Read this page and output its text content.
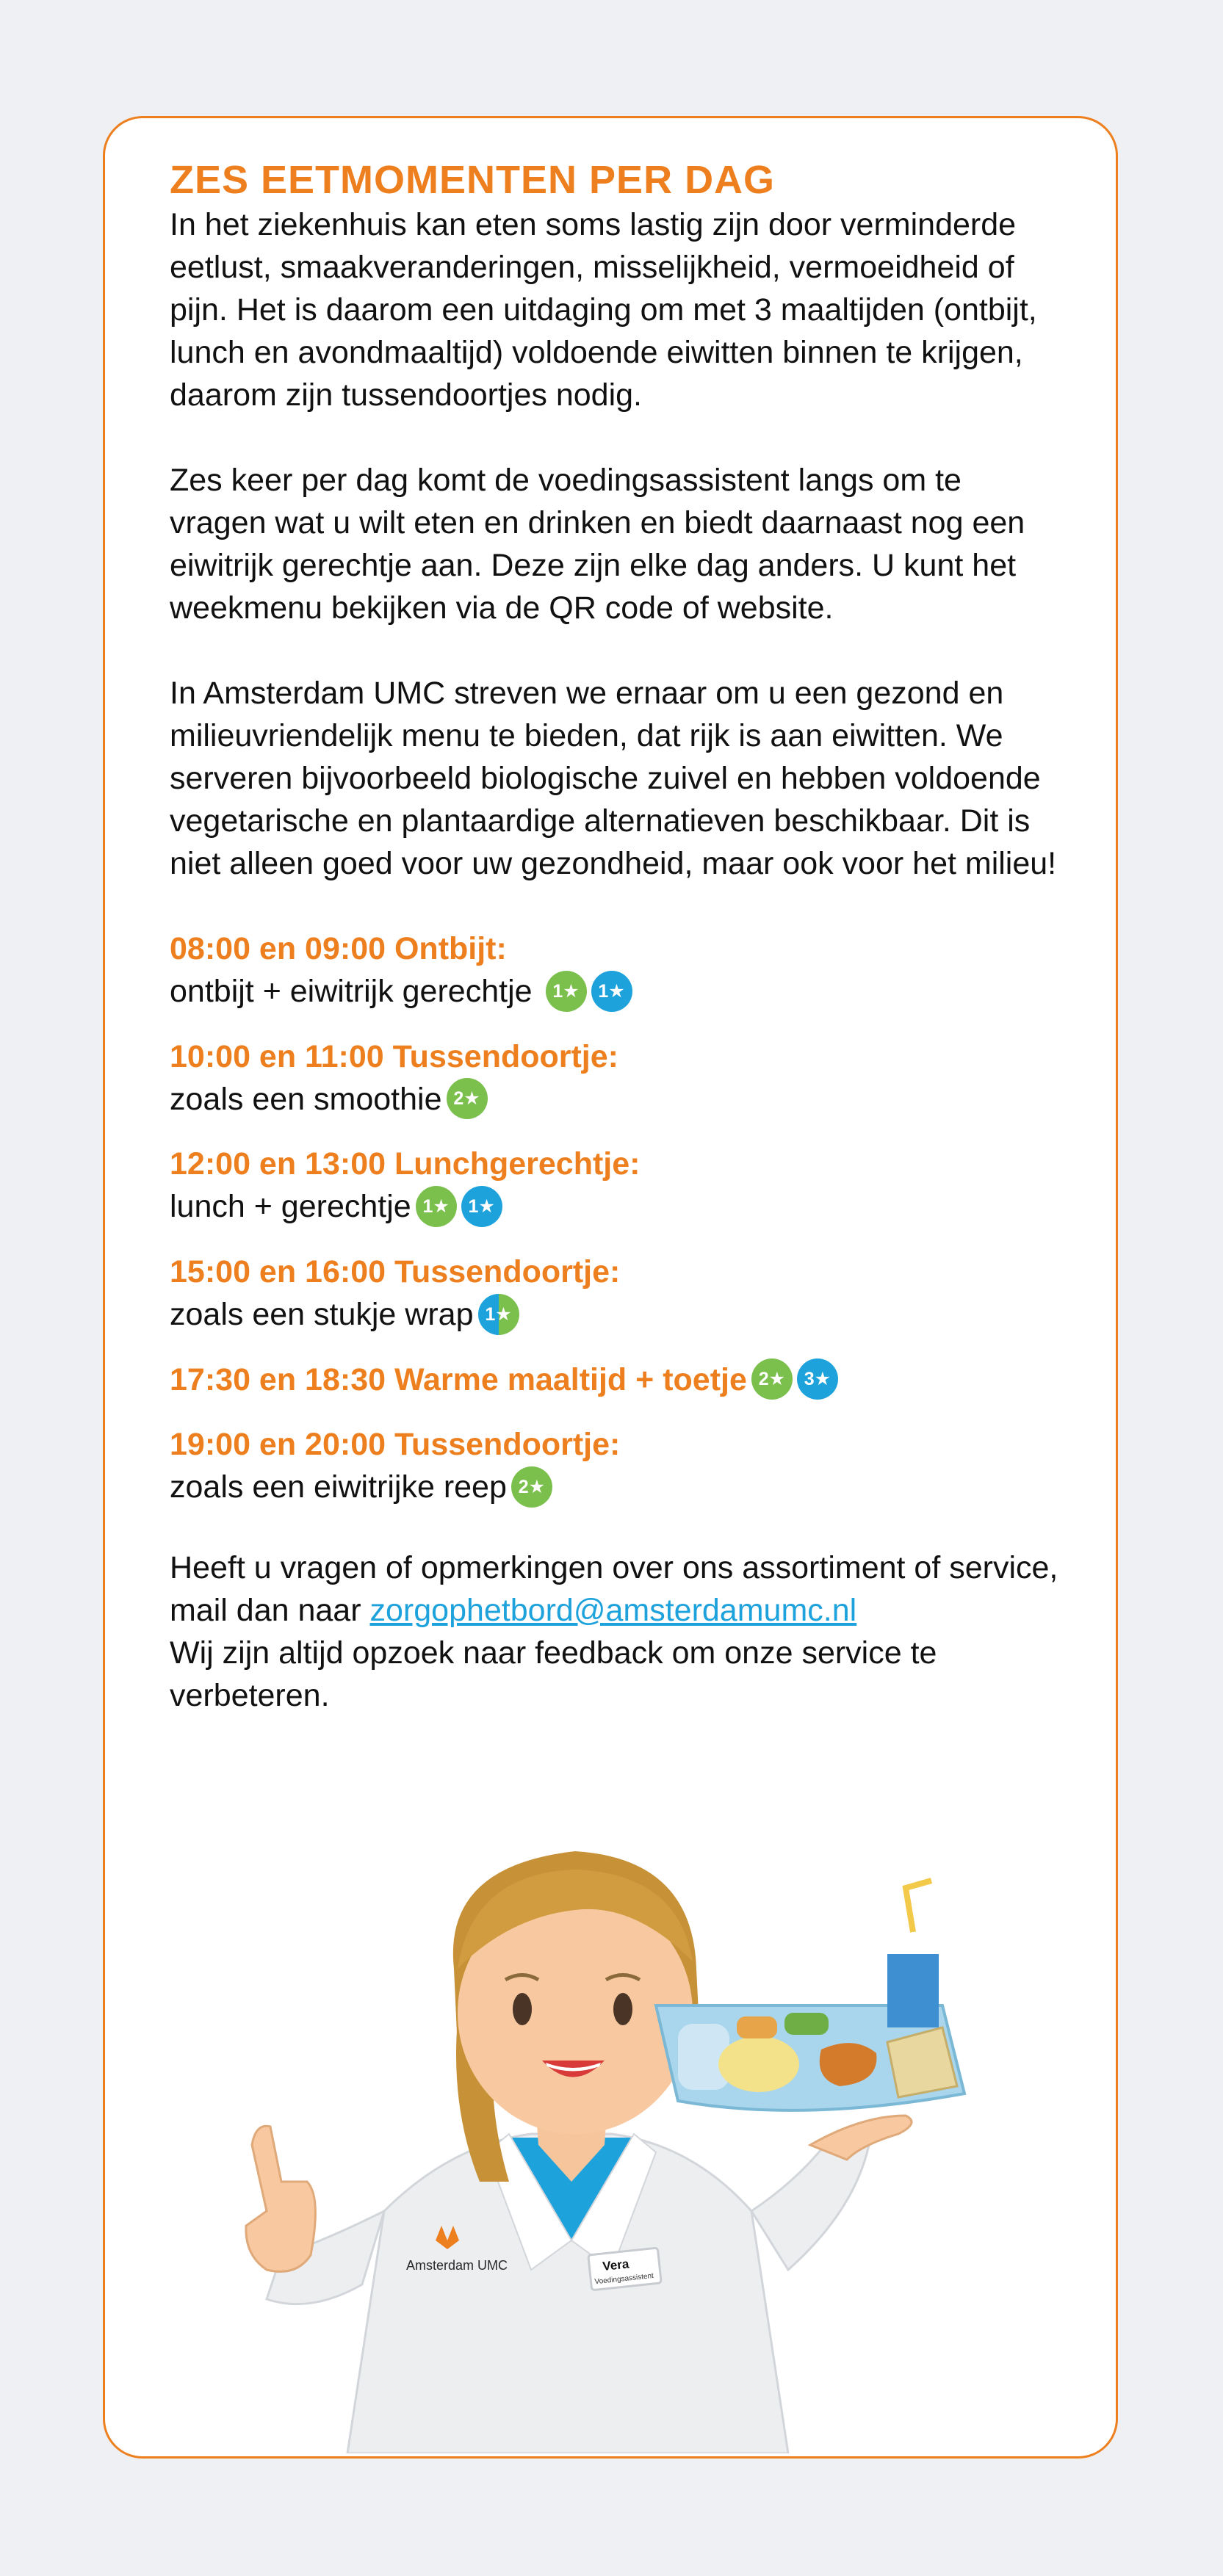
ZES EETMOMENTEN PER DAG

In het ziekenhuis kan eten soms lastig zijn door verminderde eetlust, smaakveranderingen, misselijkheid, vermoeidheid of pijn. Het is daarom een uitdaging om met 3 maaltijden (ontbijt, lunch en avondmaaltijd) voldoende eiwitten binnen te krijgen, daarom zijn tussendoortjes nodig.

Zes keer per dag komt de voedingsassistent langs om te vragen wat u wilt eten en drinken en biedt daarnaast nog een eiwitrijk gerechtje aan. Deze zijn elke dag anders. U kunt het weekmenu bekijken via de QR code of website.

In Amsterdam UMC streven we ernaar om u een gezond en milieuvriendelijk menu te bieden, dat rijk is aan eiwitten. We serveren bijvoorbeeld biologische zuivel en hebben voldoende vegetarische en plantaardige alternatieven beschikbaar. Dit is niet alleen goed voor uw gezondheid, maar ook voor het milieu!

08:00 en 09:00 Ontbijt:
ontbijt + eiwitrijk gerechtje 1★ 1★
10:00 en 11:00 Tussendoortje:
zoals een smoothie 2★
12:00 en 13:00 Lunchgerechtje:
lunch + gerechtje 1★ 1★
15:00 en 16:00 Tussendoortje:
zoals een stukje wrap 1★
17:30 en 18:30 Warme maaltijd + toetje 2★ 3★
19:00 en 20:00 Tussendoortje:
zoals een eiwitrijke reep 2★

Heeft u vragen of opmerkingen over ons assortiment of service, mail dan naar zorgophetbord@amsterdamumc.nl
Wij zijn altijd opzoek naar feedback om onze service te verbeteren.

Amsterdam UMC	Vera
Voedingsassistent
